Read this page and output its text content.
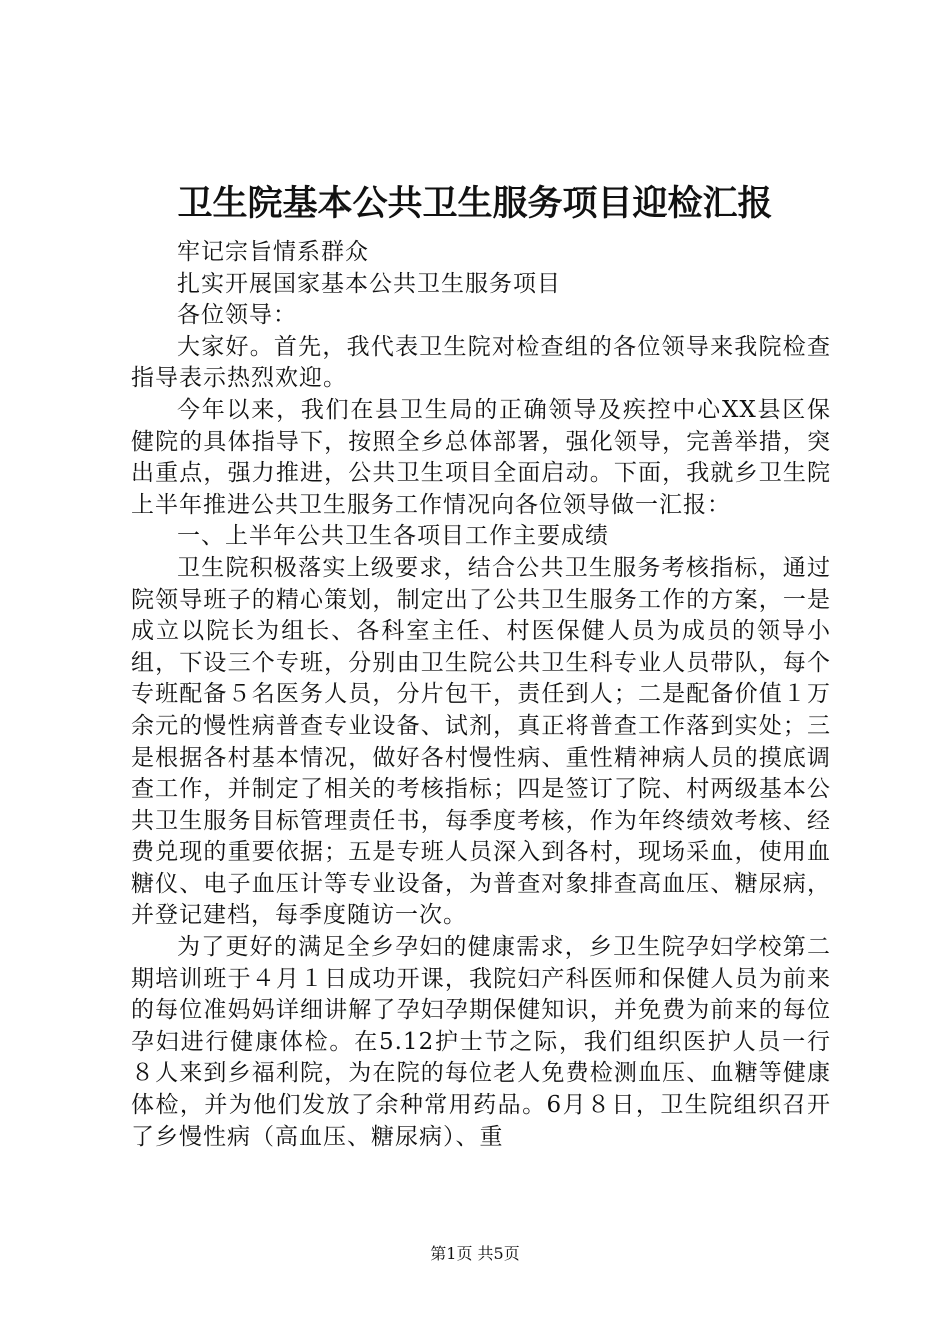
卫生院基本公共卫生服务项目迎检汇报

牢记宗旨情系群众

扎实开展国家基本公共卫生服务项目

各位领导：

大家好。首先，我代表卫生院对检查组的各位领导来我院检查指导表示热烈欢迎。

今年以来，我们在县卫生局的正确领导及疾控中心XX县区保健院的具体指导下，按照全乡总体部署，强化领导，完善举措，突出重点，强力推进，公共卫生项目全面启动。下面，我就乡卫生院上半年推进公共卫生服务工作情况向各位领导做一汇报：

一、上半年公共卫生各项目工作主要成绩

卫生院积极落实上级要求，结合公共卫生服务考核指标，通过院领导班子的精心策划，制定出了公共卫生服务工作的方案，一是成立以院长为组长、各科室主任、村医保健人员为成员的领导小组，下设三个专班，分别由卫生院公共卫生科专业人员带队，每个专班配备５名医务人员，分片包干，责任到人；二是配备价值１万余元的慢性病普查专业设备、试剂，真正将普查工作落到实处；三是根据各村基本情况，做好各村慢性病、重性精神病人员的摸底调查工作，并制定了相关的考核指标；四是签订了院、村两级基本公共卫生服务目标管理责任书，每季度考核，作为年终绩效考核、经费兑现的重要依据；五是专班人员深入到各村，现场采血，使用血糖仪、电子血压计等专业设备，为普查对象排查高血压、糖尿病，并登记建档，每季度随访一次。

为了更好的满足全乡孕妇的健康需求，乡卫生院孕妇学校第二期培训班于４月１日成功开课，我院妇产科医师和保健人员为前来的每位准妈妈详细讲解了孕妇孕期保健知识，并免费为前来的每位孕妇进行健康体检。在5.12护士节之际，我们组织医护人员一行８人来到乡福利院，为在院的每位老人免费检测血压、血糖等健康体检，并为他们发放了余种常用药品。6月８日，卫生院组织召开了乡慢性病（高血压、糖尿病）、重

第1页 共5页
